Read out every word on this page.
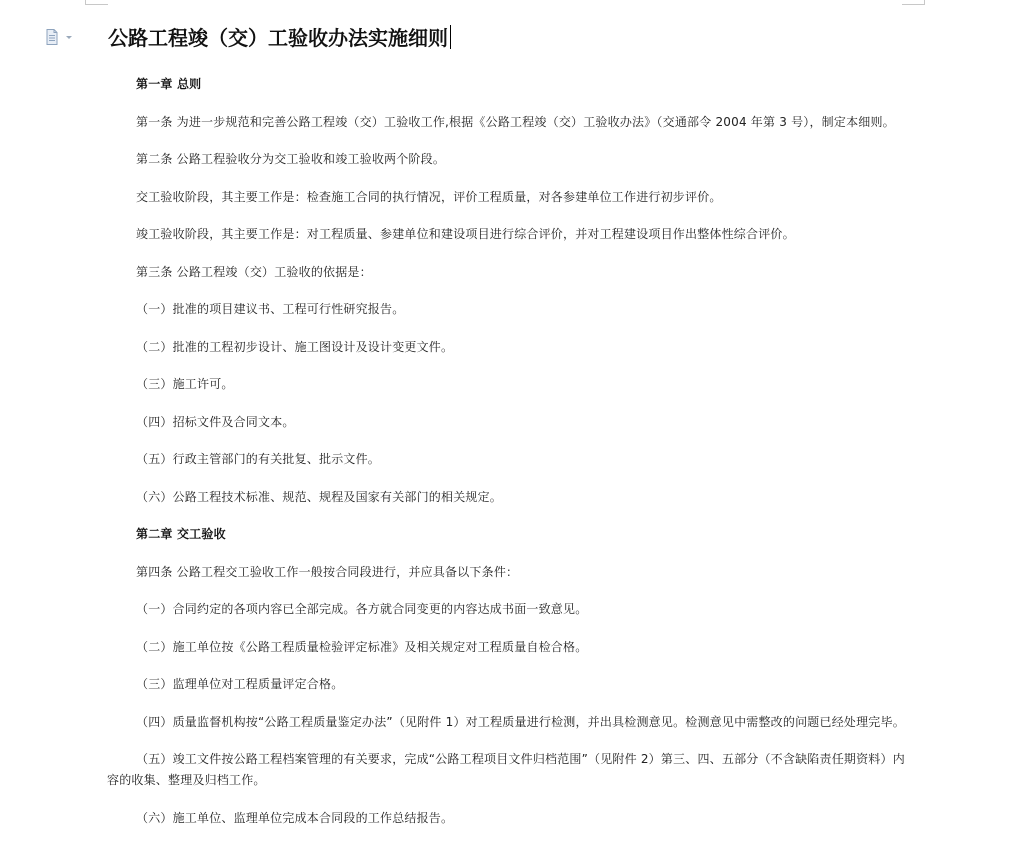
公路工程竣（交）工验收办法实施细则

第一章 总则

第一条 为进一步规范和完善公路工程竣（交）工验收工作,根据《公路工程竣（交）工验收办法》（交通部令 2004 年第 3 号），制定本细则。

第二条 公路工程验收分为交工验收和竣工验收两个阶段。

交工验收阶段，其主要工作是：检查施工合同的执行情况，评价工程质量，对各参建单位工作进行初步评价。

竣工验收阶段，其主要工作是：对工程质量、参建单位和建设项目进行综合评价，并对工程建设项目作出整体性综合评价。

第三条 公路工程竣（交）工验收的依据是：

（一）批准的项目建议书、工程可行性研究报告。

（二）批准的工程初步设计、施工图设计及设计变更文件。

（三）施工许可。

（四）招标文件及合同文本。

（五）行政主管部门的有关批复、批示文件。

（六）公路工程技术标准、规范、规程及国家有关部门的相关规定。

第二章 交工验收

第四条 公路工程交工验收工作一般按合同段进行，并应具备以下条件：

（一）合同约定的各项内容已全部完成。各方就合同变更的内容达成书面一致意见。

（二）施工单位按《公路工程质量检验评定标准》及相关规定对工程质量自检合格。

（三）监理单位对工程质量评定合格。

（四）质量监督机构按“公路工程质量鉴定办法”（见附件 1）对工程质量进行检测，并出具检测意见。检测意见中需整改的问题已经处理完毕。

（五）竣工文件按公路工程档案管理的有关要求，完成“公路工程项目文件归档范围”（见附件 2）第三、四、五部分（不含缺陷责任期资料）内容的收集、整理及归档工作。

（六）施工单位、监理单位完成本合同段的工作总结报告。
